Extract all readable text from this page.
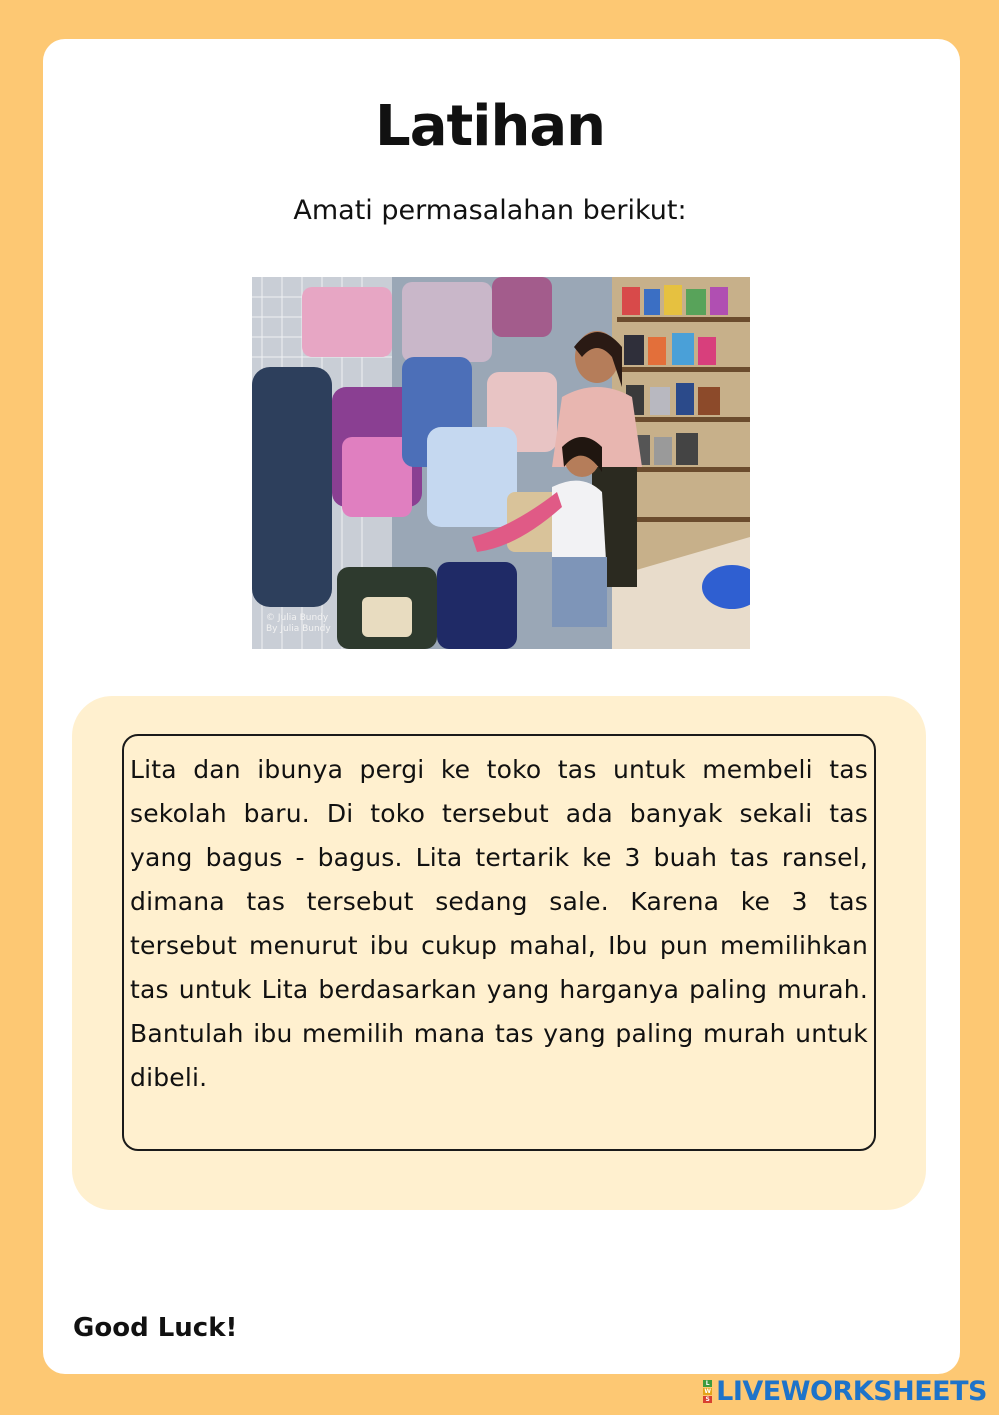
Latihan
Amati permasalahan berikut:
© Julia Bundy
By Julia Bundy

Lita dan ibunya pergi ke toko tas untuk membeli tas sekolah baru. Di toko tersebut ada banyak sekali tas yang bagus - bagus. Lita tertarik ke 3 buah tas ransel, dimana tas tersebut sedang sale. Karena ke 3 tas tersebut menurut ibu cukup mahal, Ibu pun memilihkan tas untuk Lita berdasarkan yang harganya paling murah. Bantulah ibu memilih mana tas yang paling murah untuk dibeli.

Good Luck!
L
W
S LIVEWORKSHEETS
